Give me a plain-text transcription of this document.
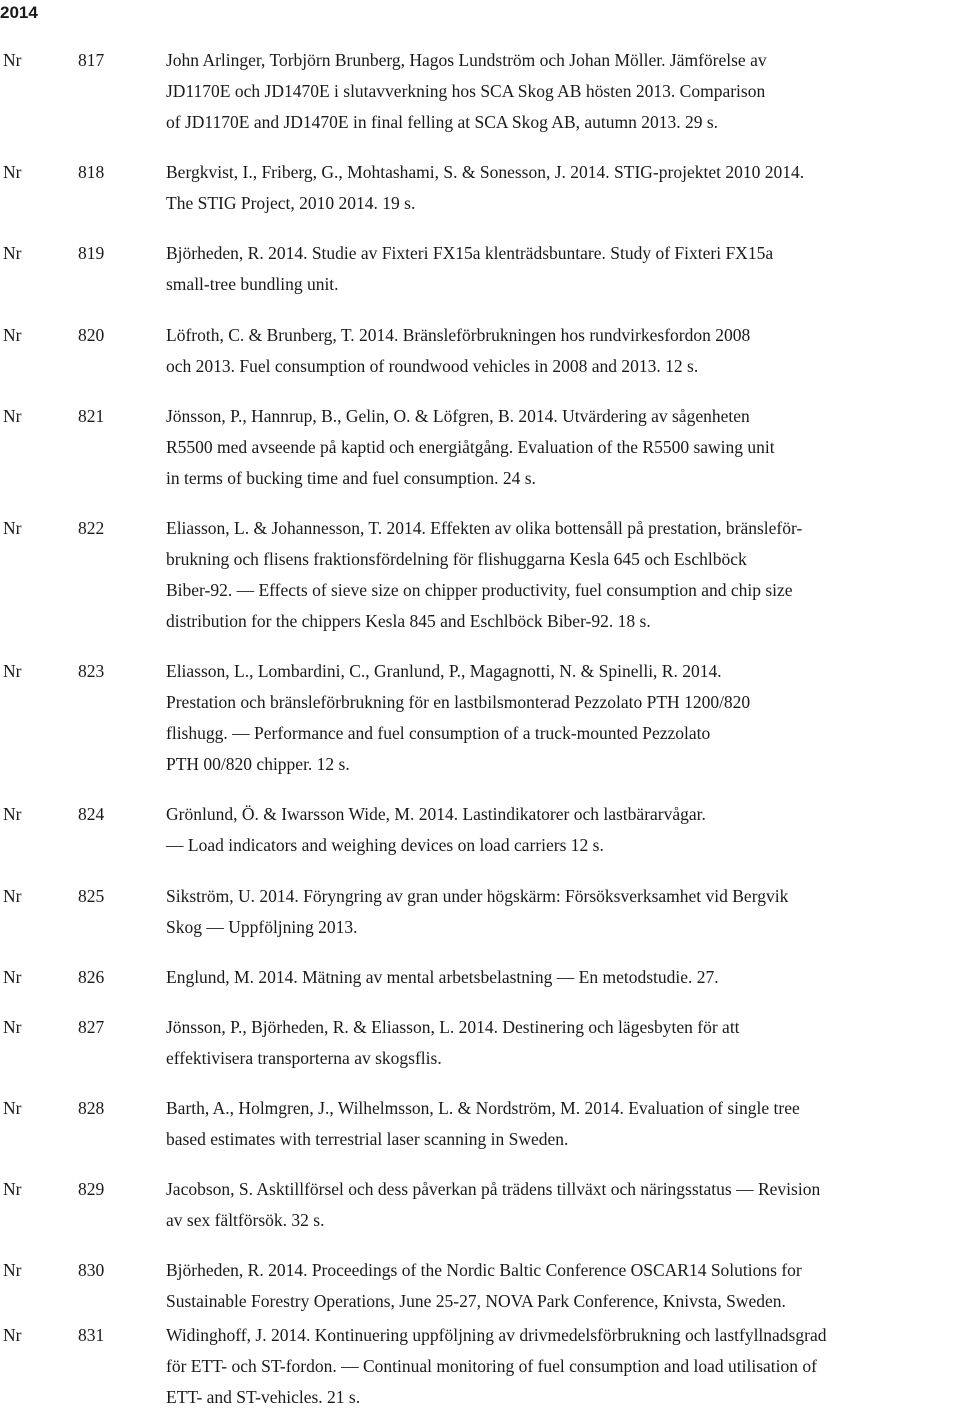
2014
Nr	817	John Arlinger, Torbjörn Brunberg, Hagos Lundström och Johan Möller. Jämförelse av
JD1170E och JD1470E i slutavverkning hos SCA Skog AB hösten 2013. Comparison
of JD1170E and JD1470E in final felling at SCA Skog AB, autumn 2013. 29 s.
Nr	818	Bergkvist, I., Friberg, G., Mohtashami, S. & Sonesson, J. 2014. STIG-projektet 2010 2014.
The STIG Project, 2010 2014. 19 s.
Nr	819	Björheden, R. 2014. Studie av Fixteri FX15a klenträdsbuntare. Study of Fixteri FX15a
small-tree bundling unit.
Nr	820	Löfroth, C. & Brunberg, T. 2014. Bränsleförbrukningen hos rundvirkesfordon 2008
och 2013. Fuel consumption of roundwood vehicles in 2008 and 2013. 12 s.
Nr	821	Jönsson, P., Hannrup, B., Gelin, O. & Löfgren, B. 2014. Utvärdering av sågenheten
R5500 med avseende på kaptid och energiåtgång. Evaluation of the R5500 sawing unit
in terms of bucking time and fuel consumption. 24 s.
Nr	822	Eliasson, L. & Johannesson, T. 2014. Effekten av olika bottensåll på prestation, bränsleför-
brukning och flisens fraktionsfördelning för flishuggarna Kesla 645 och Eschlböck
Biber-92. — Effects of sieve size on chipper productivity, fuel consumption and chip size
distribution for the chippers Kesla 845 and Eschlböck Biber-92. 18 s.
Nr	823	Eliasson, L., Lombardini, C., Granlund, P., Magagnotti, N. & Spinelli, R. 2014.
Prestation och bränsleförbrukning för en lastbilsmonterad Pezzolato PTH 1200/820
flishugg. — Performance and fuel consumption of a truck-mounted Pezzolato
PTH 00/820 chipper. 12 s.
Nr	824	Grönlund, Ö. & Iwarsson Wide, M. 2014. Lastindikatorer och lastbärarvågar.
— Load indicators and weighing devices on load carriers 12 s.
Nr	825	Sikström, U. 2014. Föryngring av gran under högskärm: Försöksverksamhet vid Bergvik
Skog — Uppföljning 2013.
Nr	826	Englund, M. 2014. Mätning av mental arbetsbelastning — En metodstudie. 27.
Nr	827	Jönsson, P., Björheden, R. & Eliasson, L. 2014. Destinering och lägesbyten för att
effektivisera transporterna av skogsflis.
Nr	828	Barth, A., Holmgren, J., Wilhelmsson, L. & Nordström, M. 2014. Evaluation of single tree
based estimates with terrestrial laser scanning in Sweden.
Nr	829	Jacobson, S. Asktillförsel och dess påverkan på trädens tillväxt och näringsstatus — Revision
av sex fältförsök. 32 s.
Nr	830	Björheden, R. 2014. Proceedings of the Nordic Baltic Conference OSCAR14 Solutions for
Sustainable Forestry Operations, June 25-27, NOVA Park Conference, Knivsta, Sweden.
Nr	831	Widinghoff, J. 2014. Kontinuering uppföljning av drivmedelsförbrukning och lastfyllnadsgrad
för ETT- och ST-fordon. — Continual monitoring of fuel consumption and load utilisation of
ETT- and ST-vehicles. 21 s.
